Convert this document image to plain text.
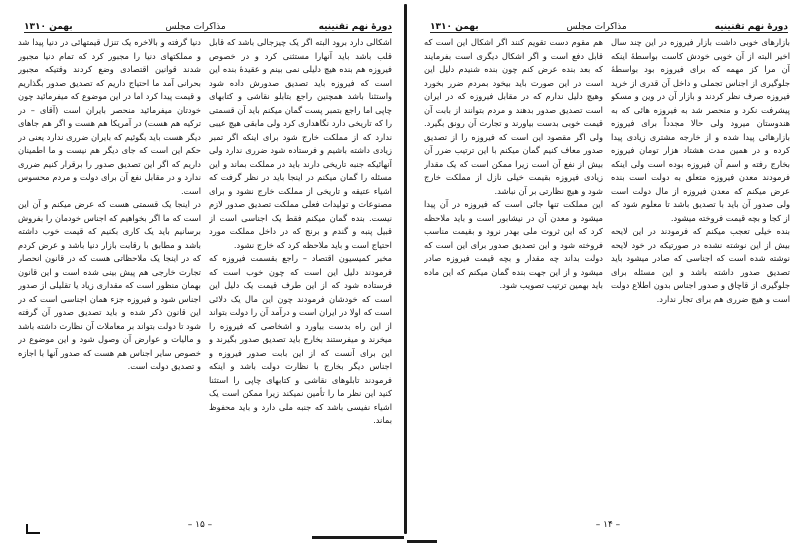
دورهٔ نهم تقنینیه
مذاکرات مجلس
بهمن ۱۳۱۰

اشکالی دارد برود البته اگر یک چیزجالی باشد که قابل قلب باشد باید آنهارا مستثنی کرد و در خصوص فیروزه هم بنده هیچ دلیلی نمی بینم و عقیدهٔ بنده این است که فیروزه باید تصدیق صدورش داده شود واستثنا باشد همچنین راجع بتابلو نقاشی و کتابهای چاپی اما راجع بتمبر پست گمان میکنم باید آن قسمتی را که تاریخی دارد نگاهداری کرد ولی مابقی هیچ عیبی ندارد که از مملکت خارج شود برای اینکه اگر تمبر زیادی داشته باشیم و فرستاده شود ضرری ندارد ولی آنهائیکه جنبه تاریخی دارند باید در مملکت بماند و این مسئله را گمان میکنم در اینجا باید در نظر گرفت که اشیاء عتیقه و تاریخی از مملکت خارج نشود و برای مصنوعات و تولیدات فعلی مملکت تصدیق صدور لازم نیست. بنده گمان میکنم فقط یک اجناسی است از قبیل پنبه و گندم و برنج که در داخل مملکت مورد احتیاج است و باید ملاحظه کرد که خارج نشود.

مخبر کمیسیون اقتصاد – راجع بقسمت فیروزه که فرمودند دلیل این است که چون خوب است که فرستاده شود که از این طرف قیمت یک دلیل این است که خودشان فرمودند چون این مال یک دلائی است که اولا در ایران است و درآمد آن را دولت بتواند از این راه بدست بیاورد و اشخاصی که فیروزه را میخرند و میفرستند بخارج باید تصدیق صدور بگیرند و این برای آنست که از این بابت صدور فیروزه و اجناس دیگر بخارج با نظارت دولت باشد و اینکه فرمودند تابلوهای نقاشی و کتابهای چاپی را استثنا کنید این نظر ما را تأمین نمیکند زیرا ممکن است یک اشیاء نفیسی باشد که جنبه ملی دارد و باید محفوظ بماند.

دنیا گرفته و بالاخره یک تنزل قیمتهائی در دنیا پیدا شد و مملکتهای دنیا را مجبور کرد که تمام دنیا مجبور شدند قوانین اقتصادی وضع کردند وقتیکه مجبور بحرانی آمد ما احتیاج داریم که تصدیق صدور بگذاریم و قیمت پیدا کرد اما در این موضوع که میفرمائید چون خودتان میفرمائید منحصر بایران است (آقای – در ترکیه هم هست) در آمریکا هم هست و اگر هم جاهای دیگر هست باید بگوئیم که بایران ضرری ندارد یعنی در حکم این است که جای دیگر هم نیست و ما اطمینان داریم که اگر این تصدیق صدور را برقرار کنیم ضرری ندارد و در مقابل نفع آن برای دولت و مردم محسوس است.

در اینجا یک قسمتی هست که عرض میکنم و آن این است که ما اگر بخواهیم که اجناس خودمان را بفروش برسانیم باید یک کاری بکنیم که قیمت خوب داشته باشد و مطابق با رقابت بازار دنیا باشد و عرض کردم که در اینجا یک ملاحظاتی هست که در قانون انحصار تجارت خارجی هم پیش بینی شده است و این قانون بهمان منظور است که مقداری زیاد یا تقلیلی از صدور اجناس شود و فیروزه جزء همان اجناسی است که در این قانون ذکر شده و باید تصدیق صدور آن گرفته شود تا دولت بتواند بر معاملات آن نظارت داشته باشد و مالیات و عوارض آن وصول شود و این موضوع در خصوص سایر اجناس هم هست که صدور آنها با اجازه و تصدیق دولت است.

– ۱۵ –
دورهٔ نهم تقنینیه
مذاکرات مجلس
بهمن ۱۳۱۰

بازارهای خوبی داشت بازار فیروزه در این چند سال اخیر البته از آن خوبی خودش کاست بواسطهٔ اینکه آن مرا کز مهمه که برای فیروزه بود بواسطهٔ جلوگیری از اجناس تجملی و داخل آن قدری از خرید فیروزه صرف نظر کردند و بازار آن در وین و مسکو پیشرفت نکرد و منحصر شد به فیروزه هائی که به هندوستان میرود ولی حالا مجدداً برای فیروزه بازارهائی پیدا شده و از خارجه مشتری زیادی پیدا کرده و در همین مدت هشتاد هزار تومان فیروزه بخارج رفته و اسم آن فیروزه بوده است ولی اینکه فرمودند معدن فیروزه متعلق به دولت است بنده عرض میکنم که معدن فیروزه از مال دولت است ولی صدور آن باید با تصدیق باشد تا معلوم شود که از کجا و بچه قیمت فروخته میشود.

بنده خیلی تعجب میکنم که فرمودند در این لایحه بیش از این نوشته نشده در صورتیکه در خود لایحه نوشته شده است که اجناسی که صادر میشود باید تصدیق صدور داشته باشد و این مسئله برای جلوگیری از قاچاق و صدور اجناس بدون اطلاع دولت است و هیچ ضرری هم برای تجار ندارد.

هم مقوم دست تقویم کنند اگر اشکال این است که قابل دفع است و اگر اشکال دیگری است بفرمایند که بعد بنده عرض کنم چون بنده شنیدم دلیل این است در این صورت باید بیخود بمردم ضرر بخورد وهیچ دلیل ندارم که در مقابل فیروزه که در ایران است تصدیق صدور بدهند و مردم بتوانند از بابت آن قیمت خوبی بدست بیاورند و تجارت آن رونق بگیرد. ولی اگر مقصود این است که فیروزه را از تصدیق صدور معاف کنیم گمان میکنم با این ترتیب ضرر آن بیش از نفع آن است زیرا ممکن است که یک مقدار زیادی فیروزه بقیمت خیلی نازل از مملکت خارج شود و هیچ نظارتی بر آن نباشد.

این مملکت تنها جائی است که فیروزه در آن پیدا میشود و معدن آن در نیشابور است و باید ملاحظه کرد که این ثروت ملی بهدر نرود و بقیمت مناسب فروخته شود و این تصدیق صدور برای این است که دولت بداند چه مقدار و بچه قیمت فیروزه صادر میشود و از این جهت بنده گمان میکنم که این ماده باید بهمین ترتیب تصویب شود.

– ۱۴ –
